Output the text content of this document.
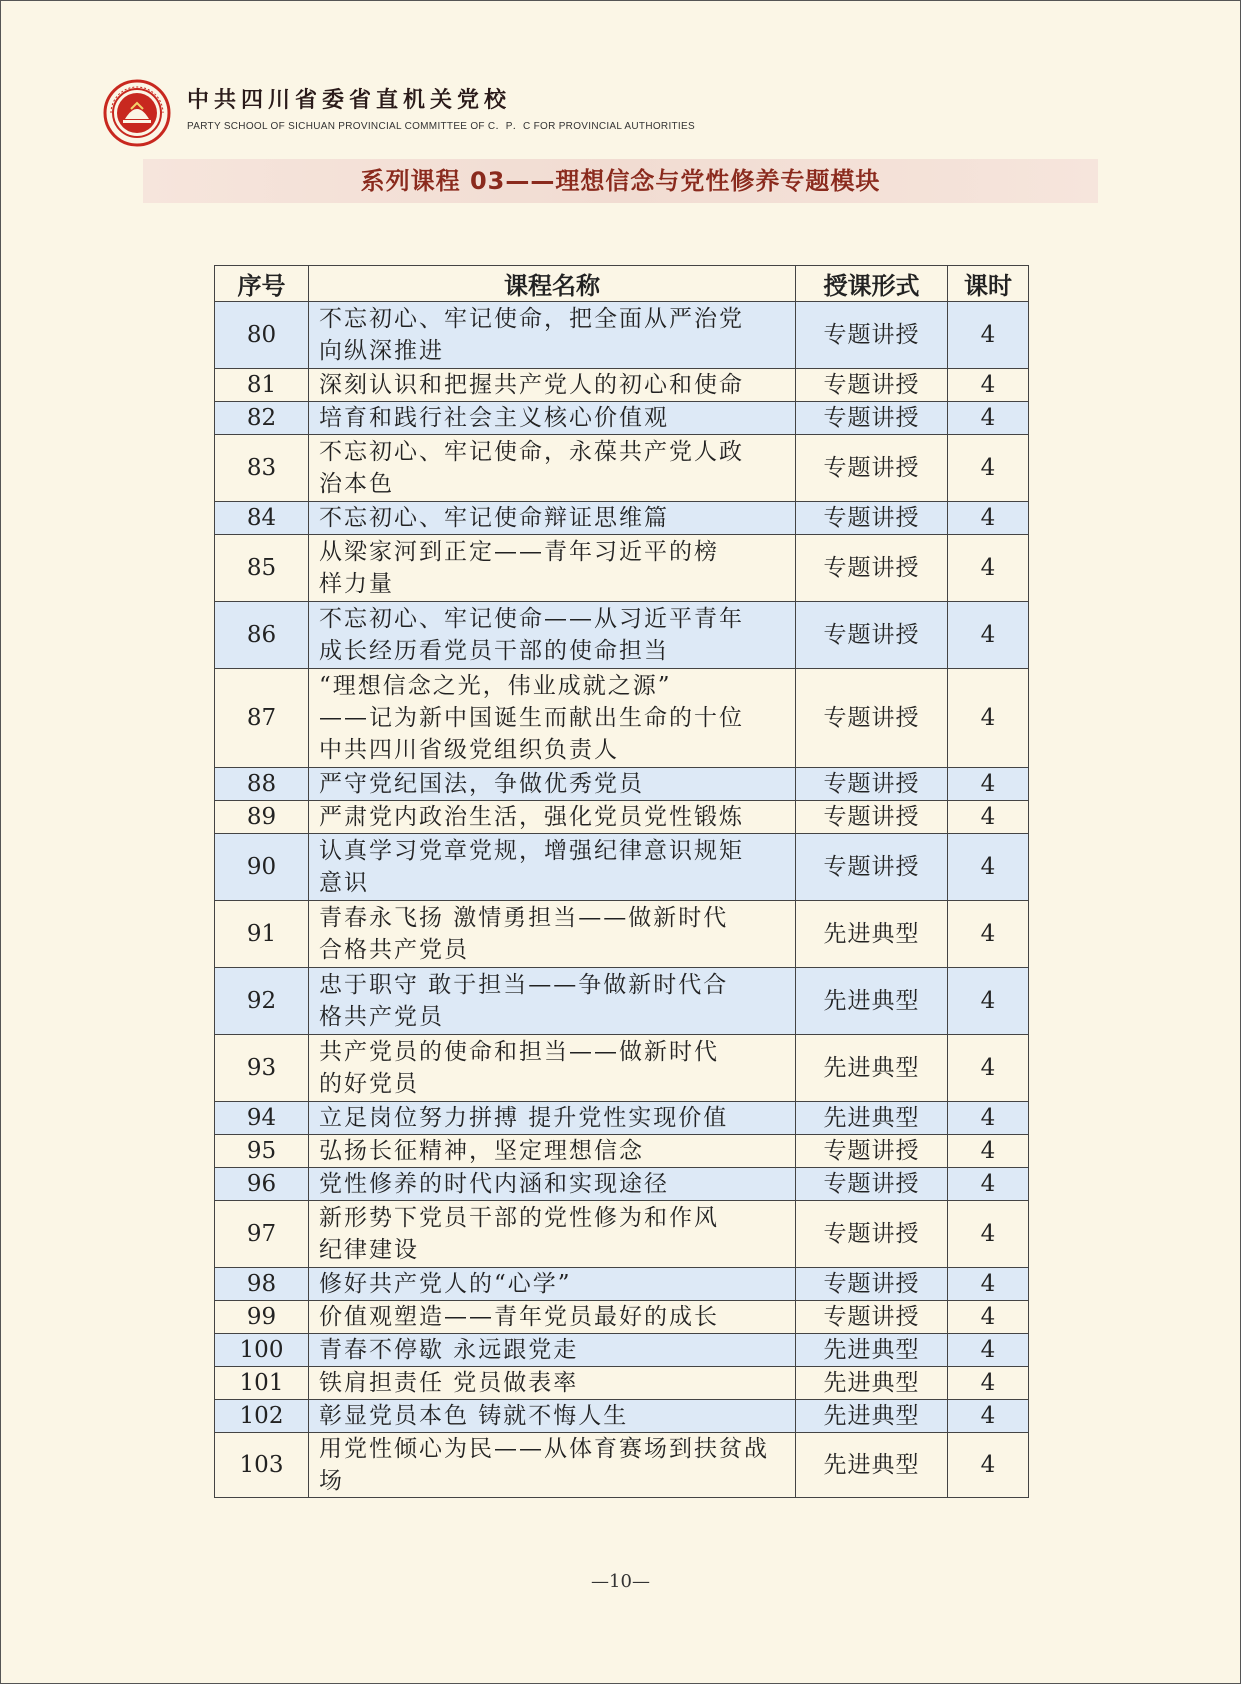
中共四川省委省直机关党校
PARTY SCHOOL OF SICHUAN PROVINCIAL COMMITTEE OF C．P．C FOR PROVINCIAL AUTHORITIES
系列课程 03——理想信念与党性修养专题模块
序号	课程名称	授课形式	课时
80	不忘初心、牢记使命，把全面从严治党
向纵深推进	专题讲授	4
81	深刻认识和把握共产党人的初心和使命	专题讲授	4
82	培育和践行社会主义核心价值观	专题讲授	4
83	不忘初心、牢记使命，永葆共产党人政
治本色	专题讲授	4
84	不忘初心、牢记使命辩证思维篇	专题讲授	4
85	从梁家河到正定——青年习近平的榜
样力量	专题讲授	4
86	不忘初心、牢记使命——从习近平青年
成长经历看党员干部的使命担当	专题讲授	4
87	“理想信念之光，伟业成就之源”
——记为新中国诞生而献出生命的十位
中共四川省级党组织负责人	专题讲授	4
88	严守党纪国法，争做优秀党员	专题讲授	4
89	严肃党内政治生活，强化党员党性锻炼	专题讲授	4
90	认真学习党章党规，增强纪律意识规矩
意识	专题讲授	4
91	青春永飞扬 激情勇担当——做新时代
合格共产党员	先进典型	4
92	忠于职守 敢于担当——争做新时代合
格共产党员	先进典型	4
93	共产党员的使命和担当——做新时代
的好党员	先进典型	4
94	立足岗位努力拼搏 提升党性实现价值	先进典型	4
95	弘扬长征精神，坚定理想信念	专题讲授	4
96	党性修养的时代内涵和实现途径	专题讲授	4
97	新形势下党员干部的党性修为和作风
纪律建设	专题讲授	4
98	修好共产党人的“心学”	专题讲授	4
99	价值观塑造——青年党员最好的成长	专题讲授	4
100	青春不停歇 永远跟党走	先进典型	4
101	铁肩担责任 党员做表率	先进典型	4
102	彰显党员本色 铸就不悔人生	先进典型	4
103	用党性倾心为民——从体育赛场到扶贫战场	先进典型	4
—10—
